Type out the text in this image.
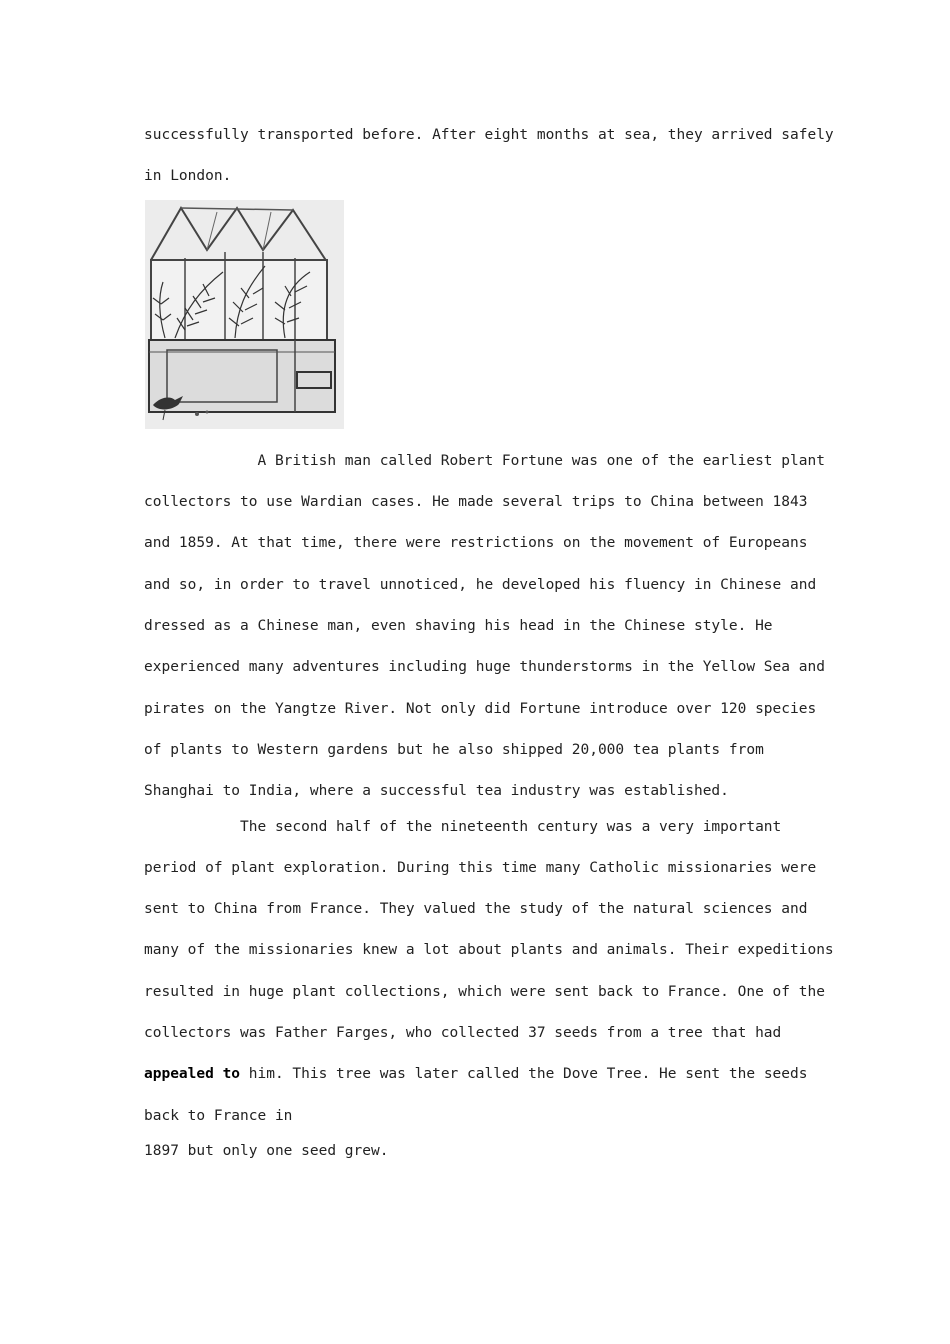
successfully transported before. After eight months at sea, they arrived safely
in London.
A British man called Robert Fortune was one of the earliest plant
collectors to use Wardian cases. He made several trips to China between 1843
and 1859. At that time, there were restrictions on the movement of Europeans
and so, in order to travel unnoticed, he developed his fluency in Chinese and
dressed as a Chinese man, even shaving his head in the Chinese style. He
experienced many adventures including huge thunderstorms in the Yellow Sea and
pirates on the Yangtze River. Not only did Fortune introduce over 120 species
of plants to Western gardens but he also shipped 20,000 tea plants from
Shanghai to India, where a successful tea industry was established.
The second half of the nineteenth century was a very important
period of plant exploration. During this time many Catholic missionaries were
sent to China from France. They valued the study of the natural sciences and
many of the missionaries knew a lot about plants and animals. Their expeditions
resulted in huge plant collections, which were sent back to France. One of the
collectors was Father Farges, who collected 37 seeds from a tree that had
appealed to him. This tree was later called the Dove Tree. He sent the seeds
back to France in
1897 but only one seed grew.
